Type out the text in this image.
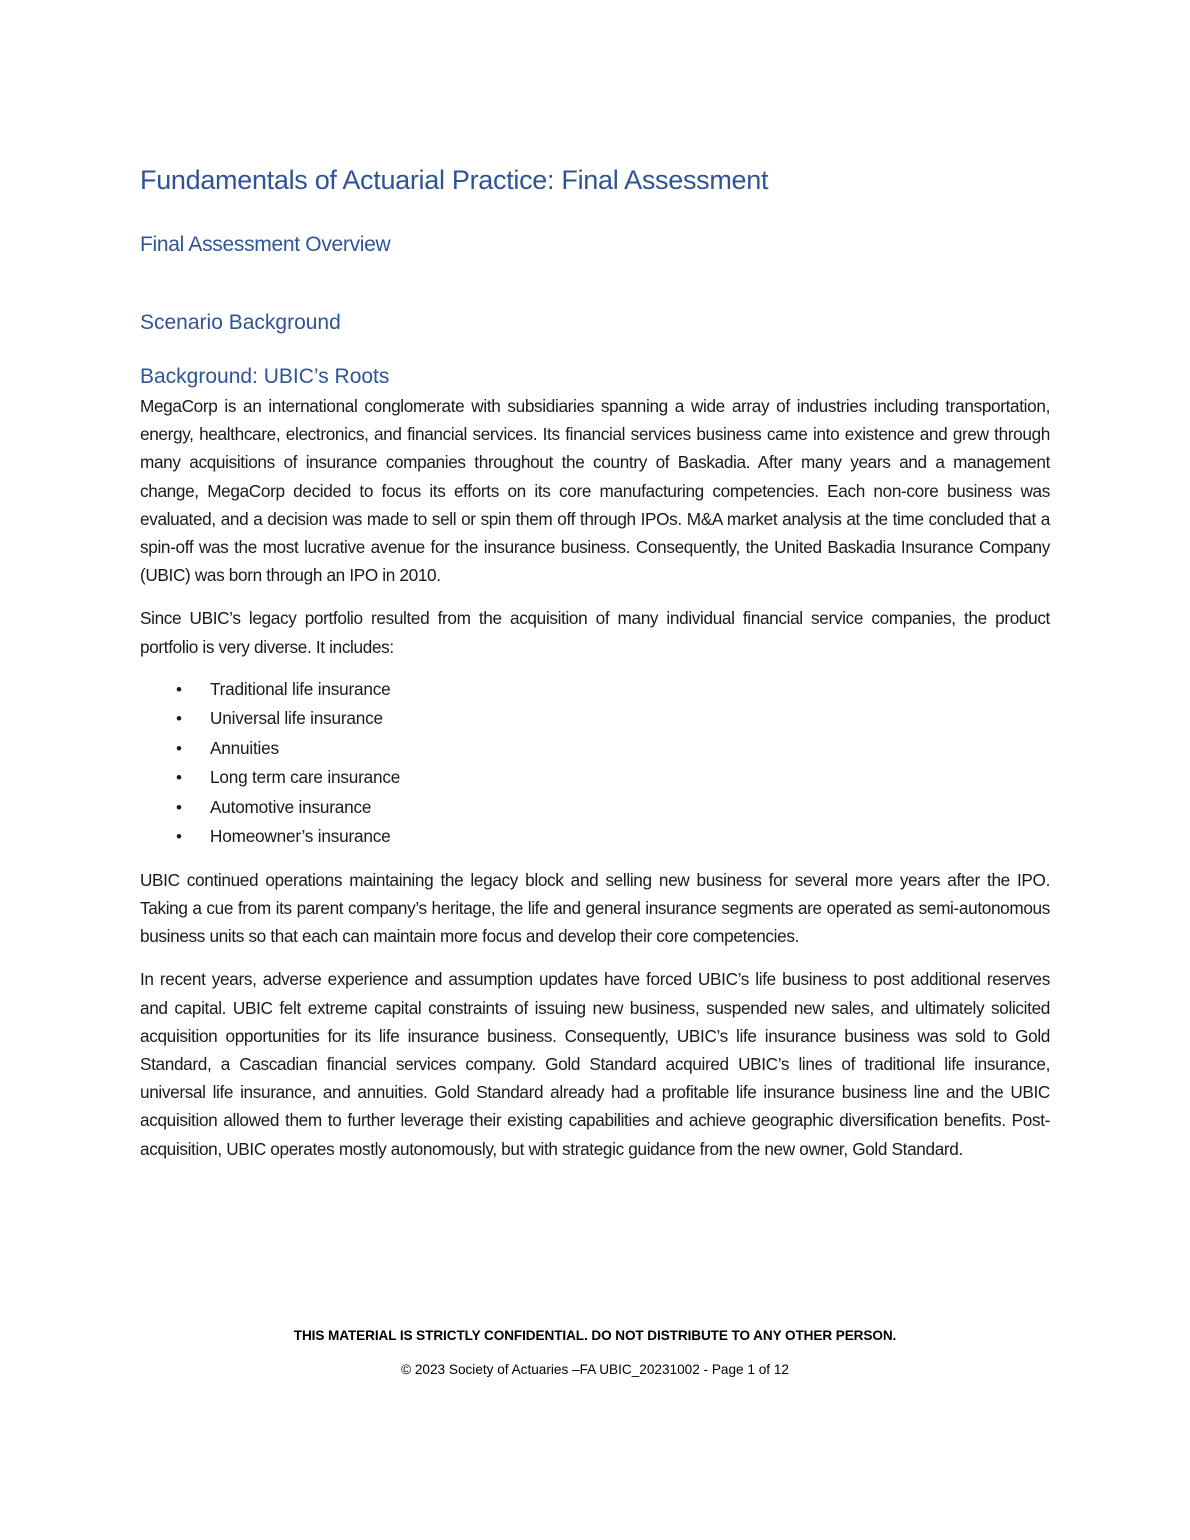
Fundamentals of Actuarial Practice: Final Assessment
Final Assessment Overview
Scenario Background
Background: UBIC’s Roots

MegaCorp is an international conglomerate with subsidiaries spanning a wide array of industries including transportation, energy, healthcare, electronics, and financial services. Its financial services business came into existence and grew through many acquisitions of insurance companies throughout the country of Baskadia. After many years and a management change, MegaCorp decided to focus its efforts on its core manufacturing competencies. Each non-core business was evaluated, and a decision was made to sell or spin them off through IPOs. M&A market analysis at the time concluded that a spin-off was the most lucrative avenue for the insurance business. Consequently, the United Baskadia Insurance Company (UBIC) was born through an IPO in 2010.

Since UBIC’s legacy portfolio resulted from the acquisition of many individual financial service companies, the product portfolio is very diverse. It includes:

• Traditional life insurance
• Universal life insurance
• Annuities
• Long term care insurance
• Automotive insurance
• Homeowner’s insurance

UBIC continued operations maintaining the legacy block and selling new business for several more years after the IPO. Taking a cue from its parent company’s heritage, the life and general insurance segments are operated as semi-autonomous business units so that each can maintain more focus and develop their core competencies.

In recent years, adverse experience and assumption updates have forced UBIC’s life business to post additional reserves and capital. UBIC felt extreme capital constraints of issuing new business, suspended new sales, and ultimately solicited acquisition opportunities for its life insurance business. Consequently, UBIC’s life insurance business was sold to Gold Standard, a Cascadian financial services company. Gold Standard acquired UBIC’s lines of traditional life insurance, universal life insurance, and annuities. Gold Standard already had a profitable life insurance business line and the UBIC acquisition allowed them to further leverage their existing capabilities and achieve geographic diversification benefits. Post-acquisition, UBIC operates mostly autonomously, but with strategic guidance from the new owner, Gold Standard.

THIS MATERIAL IS STRICTLY CONFIDENTIAL. DO NOT DISTRIBUTE TO ANY OTHER PERSON.
© 2023 Society of Actuaries –FA UBIC_20231002 - Page 1 of 12
